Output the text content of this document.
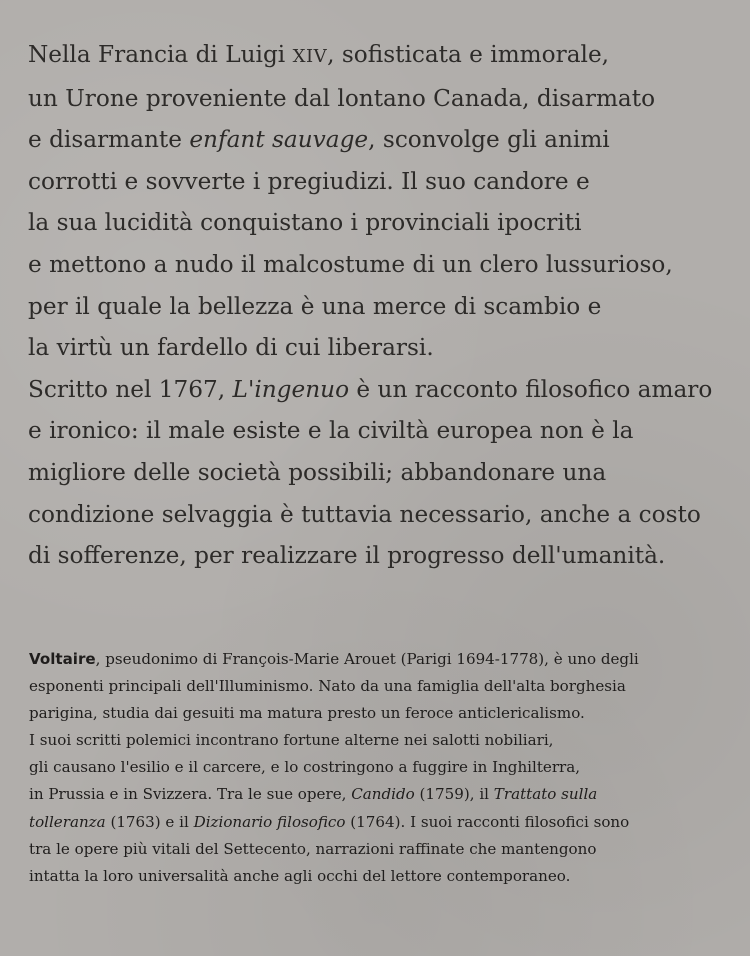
Nella Francia di Luigi XIV, sofisticata e immorale,
un Urone proveniente dal lontano Canada, disarmato
e disarmante enfant sauvage, sconvolge gli animi
corrotti e sovverte i pregiudizi. Il suo candore e
la sua lucidità conquistano i provinciali ipocriti
e mettono a nudo il malcostume di un clero lussurioso,
per il quale la bellezza è una merce di scambio e
la virtù un fardello di cui liberarsi.
Scritto nel 1767, L'ingenuo è un racconto filosofico amaro
e ironico: il male esiste e la civiltà europea non è la
migliore delle società possibili; abbandonare una
condizione selvaggia è tuttavia necessario, anche a costo
di sofferenze, per realizzare il progresso dell'umanità.
Voltaire, pseudonimo di François-Marie Arouet (Parigi 1694-1778), è uno degli
esponenti principali dell'Illuminismo. Nato da una famiglia dell'alta borghesia
parigina, studia dai gesuiti ma matura presto un feroce anticlericalismo.
I suoi scritti polemici incontrano fortune alterne nei salotti nobiliari,
gli causano l'esilio e il carcere, e lo costringono a fuggire in Inghilterra,
in Prussia e in Svizzera. Tra le sue opere, Candido (1759), il Trattato sulla
tolleranza (1763) e il Dizionario filosofico (1764). I suoi racconti filosofici sono
tra le opere più vitali del Settecento, narrazioni raffinate che mantengono
intatta la loro universalità anche agli occhi del lettore contemporaneo.
